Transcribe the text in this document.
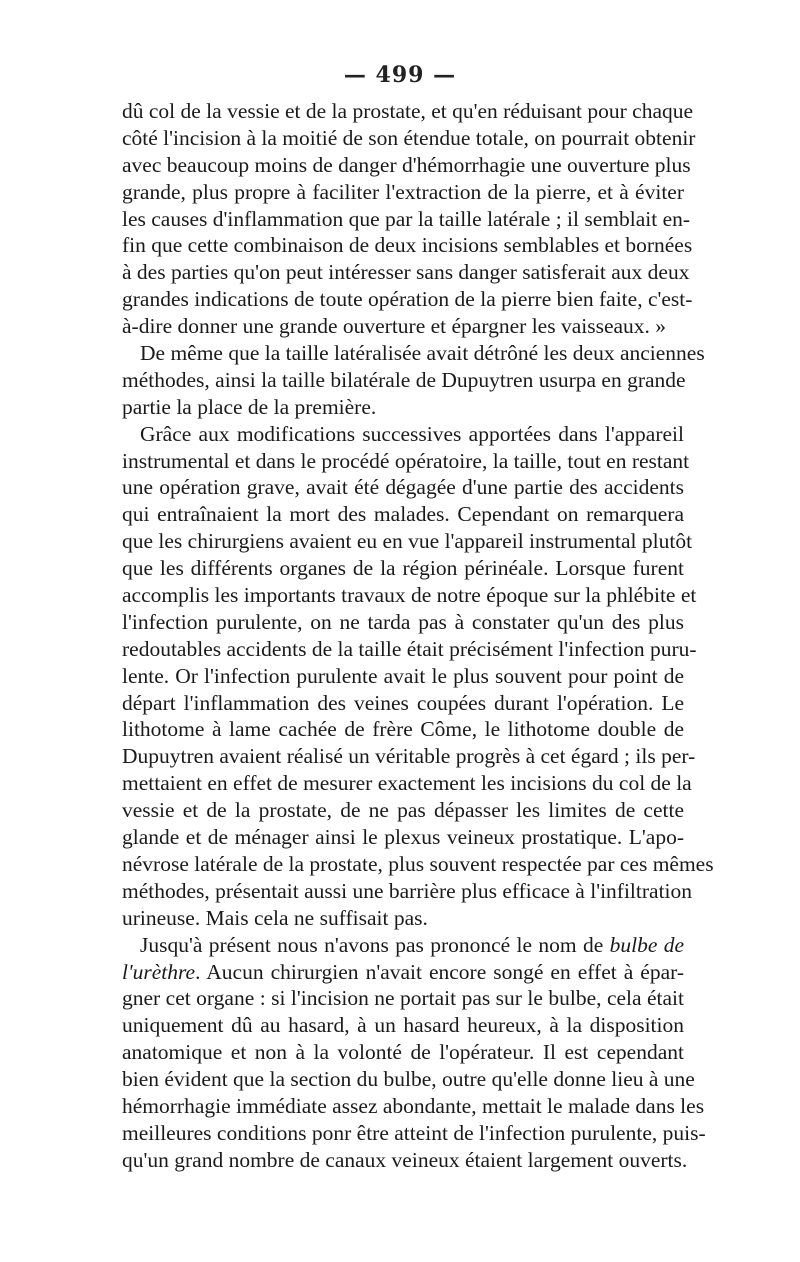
— 499 —
dû col de la vessie et de la prostate, et qu'en réduisant pour chaque
côté l'incision à la moitié de son étendue totale, on pourrait obtenir
avec beaucoup moins de danger d'hémorrhagie une ouverture plus
grande, plus propre à faciliter l'extraction de la pierre, et à éviter
les causes d'inflammation que par la taille latérale ; il semblait en-
fin que cette combinaison de deux incisions semblables et bornées
à des parties qu'on peut intéresser sans danger satisferait aux deux
grandes indications de toute opération de la pierre bien faite, c'est-
à-dire donner une grande ouverture et épargner les vaisseaux. »
De même que la taille latéralisée avait détrôné les deux anciennes
méthodes, ainsi la taille bilatérale de Dupuytren usurpa en grande
partie la place de la première.
Grâce aux modifications successives apportées dans l'appareil
instrumental et dans le procédé opératoire, la taille, tout en restant
une opération grave, avait été dégagée d'une partie des accidents
qui entraînaient la mort des malades. Cependant on remarquera
que les chirurgiens avaient eu en vue l'appareil instrumental plutôt
que les différents organes de la région périnéale. Lorsque furent
accomplis les importants travaux de notre époque sur la phlébite et
l'infection purulente, on ne tarda pas à constater qu'un des plus
redoutables accidents de la taille était précisément l'infection puru-
lente. Or l'infection purulente avait le plus souvent pour point de
départ l'inflammation des veines coupées durant l'opération. Le
lithotome à lame cachée de frère Côme, le lithotome double de
Dupuytren avaient réalisé un véritable progrès à cet égard ; ils per-
mettaient en effet de mesurer exactement les incisions du col de la
vessie et de la prostate, de ne pas dépasser les limites de cette
glande et de ménager ainsi le plexus veineux prostatique. L'apo-
névrose latérale de la prostate, plus souvent respectée par ces mêmes
méthodes, présentait aussi une barrière plus efficace à l'infiltration
urineuse. Mais cela ne suffisait pas.
Jusqu'à présent nous n'avons pas prononcé le nom de bulbe de
l'urèthre. Aucun chirurgien n'avait encore songé en effet à épar-
gner cet organe : si l'incision ne portait pas sur le bulbe, cela était
uniquement dû au hasard, à un hasard heureux, à la disposition
anatomique et non à la volonté de l'opérateur. Il est cependant
bien évident que la section du bulbe, outre qu'elle donne lieu à une
hémorrhagie immédiate assez abondante, mettait le malade dans les
meilleures conditions ponr être atteint de l'infection purulente, puis-
qu'un grand nombre de canaux veineux étaient largement ouverts.
